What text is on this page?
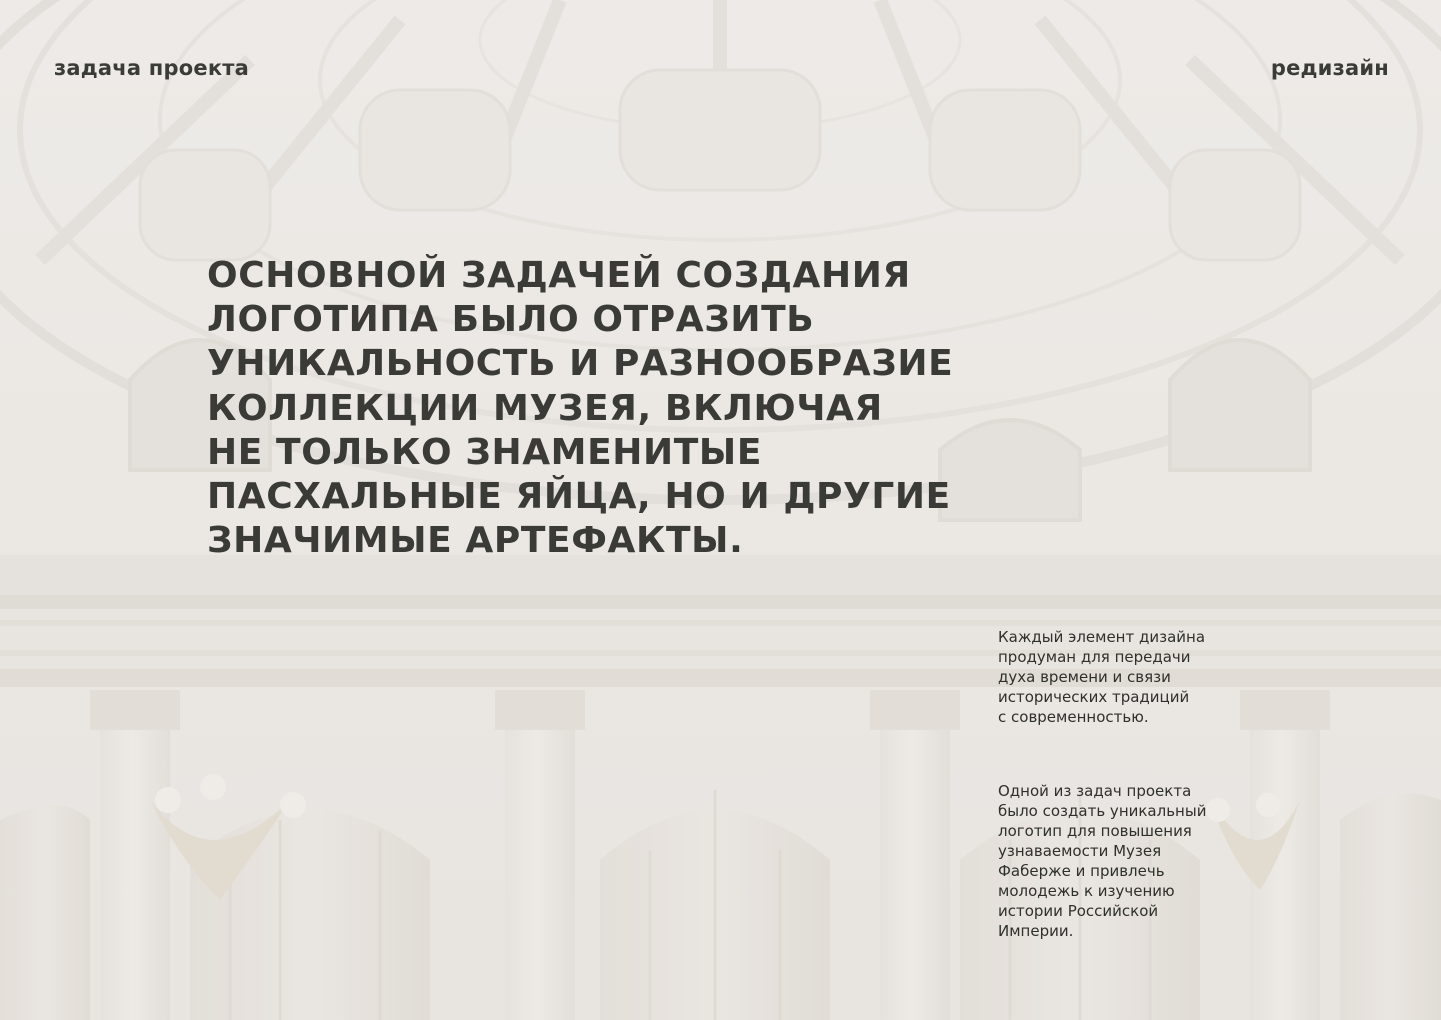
задача проекта	редизайн
ОСНОВНОЙ ЗАДАЧЕЙ СОЗДАНИЯ
ЛОГОТИПА БЫЛО ОТРАЗИТЬ
УНИКАЛЬНОСТЬ И РАЗНООБРАЗИЕ
КОЛЛЕКЦИИ МУЗЕЯ, ВКЛЮЧАЯ
НЕ ТОЛЬКО ЗНАМЕНИТЫЕ
ПАСХАЛЬНЫЕ ЯЙЦА, НО И ДРУГИЕ
ЗНАЧИМЫЕ АРТЕФАКТЫ.

Каждый элемент дизайна
продуман для передачи
духа времени и связи
исторических традиций
с современностью.

Одной из задач проекта
было создать уникальный
логотип для повышения
узнаваемости Музея
Фаберже и привлечь
молодежь к изучению
истории Российской
Империи.
